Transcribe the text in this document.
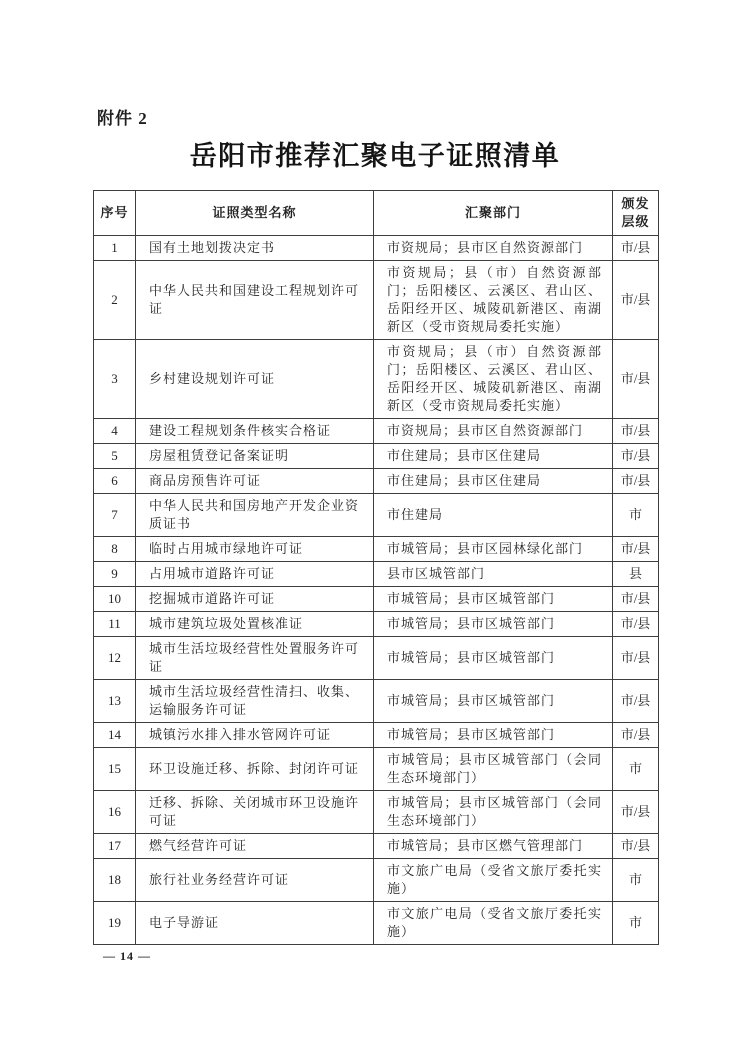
附件 2
岳阳市推荐汇聚电子证照清单
序号	证照类型名称	汇聚部门	颁发层级
1	国有土地划拨决定书	市资规局；县市区自然资源部门	市/县
2	中华人民共和国建设工程规划许可证	市资规局；县（市）自然资源部门；岳阳楼区、云溪区、君山区、岳阳经开区、城陵矶新港区、南湖新区（受市资规局委托实施）	市/县
3	乡村建设规划许可证	市资规局；县（市）自然资源部门；岳阳楼区、云溪区、君山区、岳阳经开区、城陵矶新港区、南湖新区（受市资规局委托实施）	市/县
4	建设工程规划条件核实合格证	市资规局；县市区自然资源部门	市/县
5	房屋租赁登记备案证明	市住建局；县市区住建局	市/县
6	商品房预售许可证	市住建局；县市区住建局	市/县
7	中华人民共和国房地产开发企业资质证书	市住建局	市
8	临时占用城市绿地许可证	市城管局；县市区园林绿化部门	市/县
9	占用城市道路许可证	县市区城管部门	县
10	挖掘城市道路许可证	市城管局；县市区城管部门	市/县
11	城市建筑垃圾处置核准证	市城管局；县市区城管部门	市/县
12	城市生活垃圾经营性处置服务许可证	市城管局；县市区城管部门	市/县
13	城市生活垃圾经营性清扫、收集、运输服务许可证	市城管局；县市区城管部门	市/县
14	城镇污水排入排水管网许可证	市城管局；县市区城管部门	市/县
15	环卫设施迁移、拆除、封闭许可证	市城管局；县市区城管部门（会同生态环境部门）	市
16	迁移、拆除、关闭城市环卫设施许可证	市城管局；县市区城管部门（会同生态环境部门）	市/县
17	燃气经营许可证	市城管局；县市区燃气管理部门	市/县
18	旅行社业务经营许可证	市文旅广电局（受省文旅厅委托实施）	市
19	电子导游证	市文旅广电局（受省文旅厅委托实施）	市
— 14 —
